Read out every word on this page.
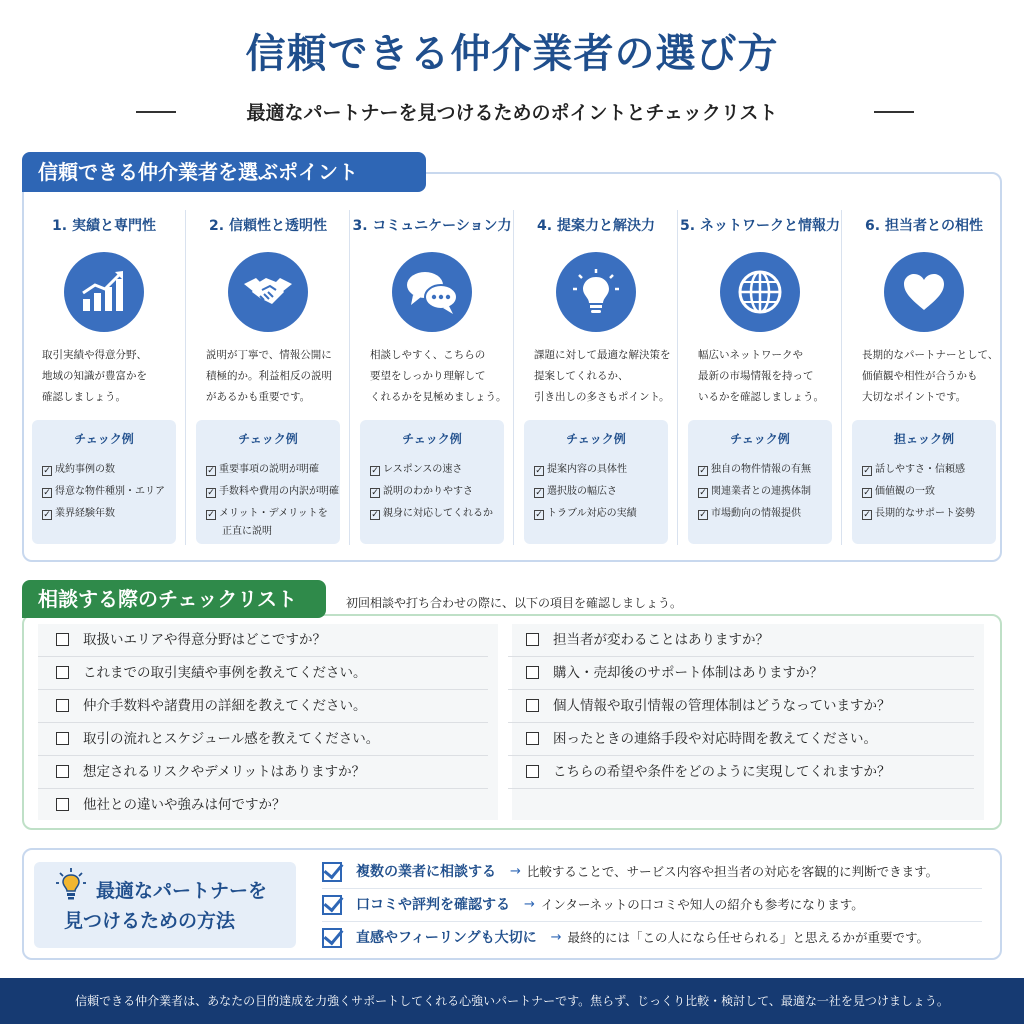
信頼できる仲介業者の選び方
最適なパートナーを見つけるためのポイントとチェックリスト
信頼できる仲介業者を選ぶポイント
1. 実績と専門性
取引実績や得意分野、
地域の知識が豊富かを
確認しましょう。
チェック例
✓ 成約事例の数
✓ 得意な物件種別・エリア
✓ 業界経験年数
2. 信頼性と透明性
説明が丁寧で、情報公開に
積極的か。利益相反の説明
があるかも重要です。
チェック例
✓ 重要事項の説明が明確
✓ 手数料や費用の内訳が明確
✓ メリット・デメリットを
正直に説明
3. コミュニケーション力
相談しやすく、こちらの
要望をしっかり理解して
くれるかを見極めましょう。
チェック例
✓ レスポンスの速さ
✓ 説明のわかりやすさ
✓ 親身に対応してくれるか
4. 提案力と解決力
課題に対して最適な解決策を
提案してくれるか、
引き出しの多さもポイント。
チェック例
✓ 提案内容の具体性
✓ 選択肢の幅広さ
✓ トラブル対応の実績
5. ネットワークと情報力
幅広いネットワークや
最新の市場情報を持って
いるかを確認しましょう。
チェック例
✓ 独自の物件情報の有無
✓ 関連業者との連携体制
✓ 市場動向の情報提供
6. 担当者との相性
長期的なパートナーとして、
価値観や相性が合うかも
大切なポイントです。
担ェック例
✓ 話しやすさ・信頼感
✓ 価値観の一致
✓ 長期的なサポート姿勢
相談する際のチェックリスト	初回相談や打ち合わせの際に、以下の項目を確認しましょう。
取扱いエリアや得意分野はどこですか？
これまでの取引実績や事例を教えてください。
仲介手数料や諸費用の詳細を教えてください。
取引の流れとスケジュール感を教えてください。
想定されるリスクやデメリットはありますか？
他社との違いや強みは何ですか？
担当者が変わることはありますか？
購入・売却後のサポート体制はありますか？
個人情報や取引情報の管理体制はどうなっていますか？
困ったときの連絡手段や対応時間を教えてください。
こちらの希望や条件をどのように実現してくれますか？
最適なパートナーを
見つけるための方法
複数の業者に相談する → 比較することで、サービス内容や担当者の対応を客観的に判断できます。
口コミや評判を確認する → インターネットの口コミや知人の紹介も参考になります。
直感やフィーリングも大切に → 最終的には「この人になら任せられる」と思えるかが重要です。
信頼できる仲介業者は、あなたの目的達成を力強くサポートしてくれる心強いパートナーです。焦らず、じっくり比較・検討して、最適な一社を見つけましょう。
